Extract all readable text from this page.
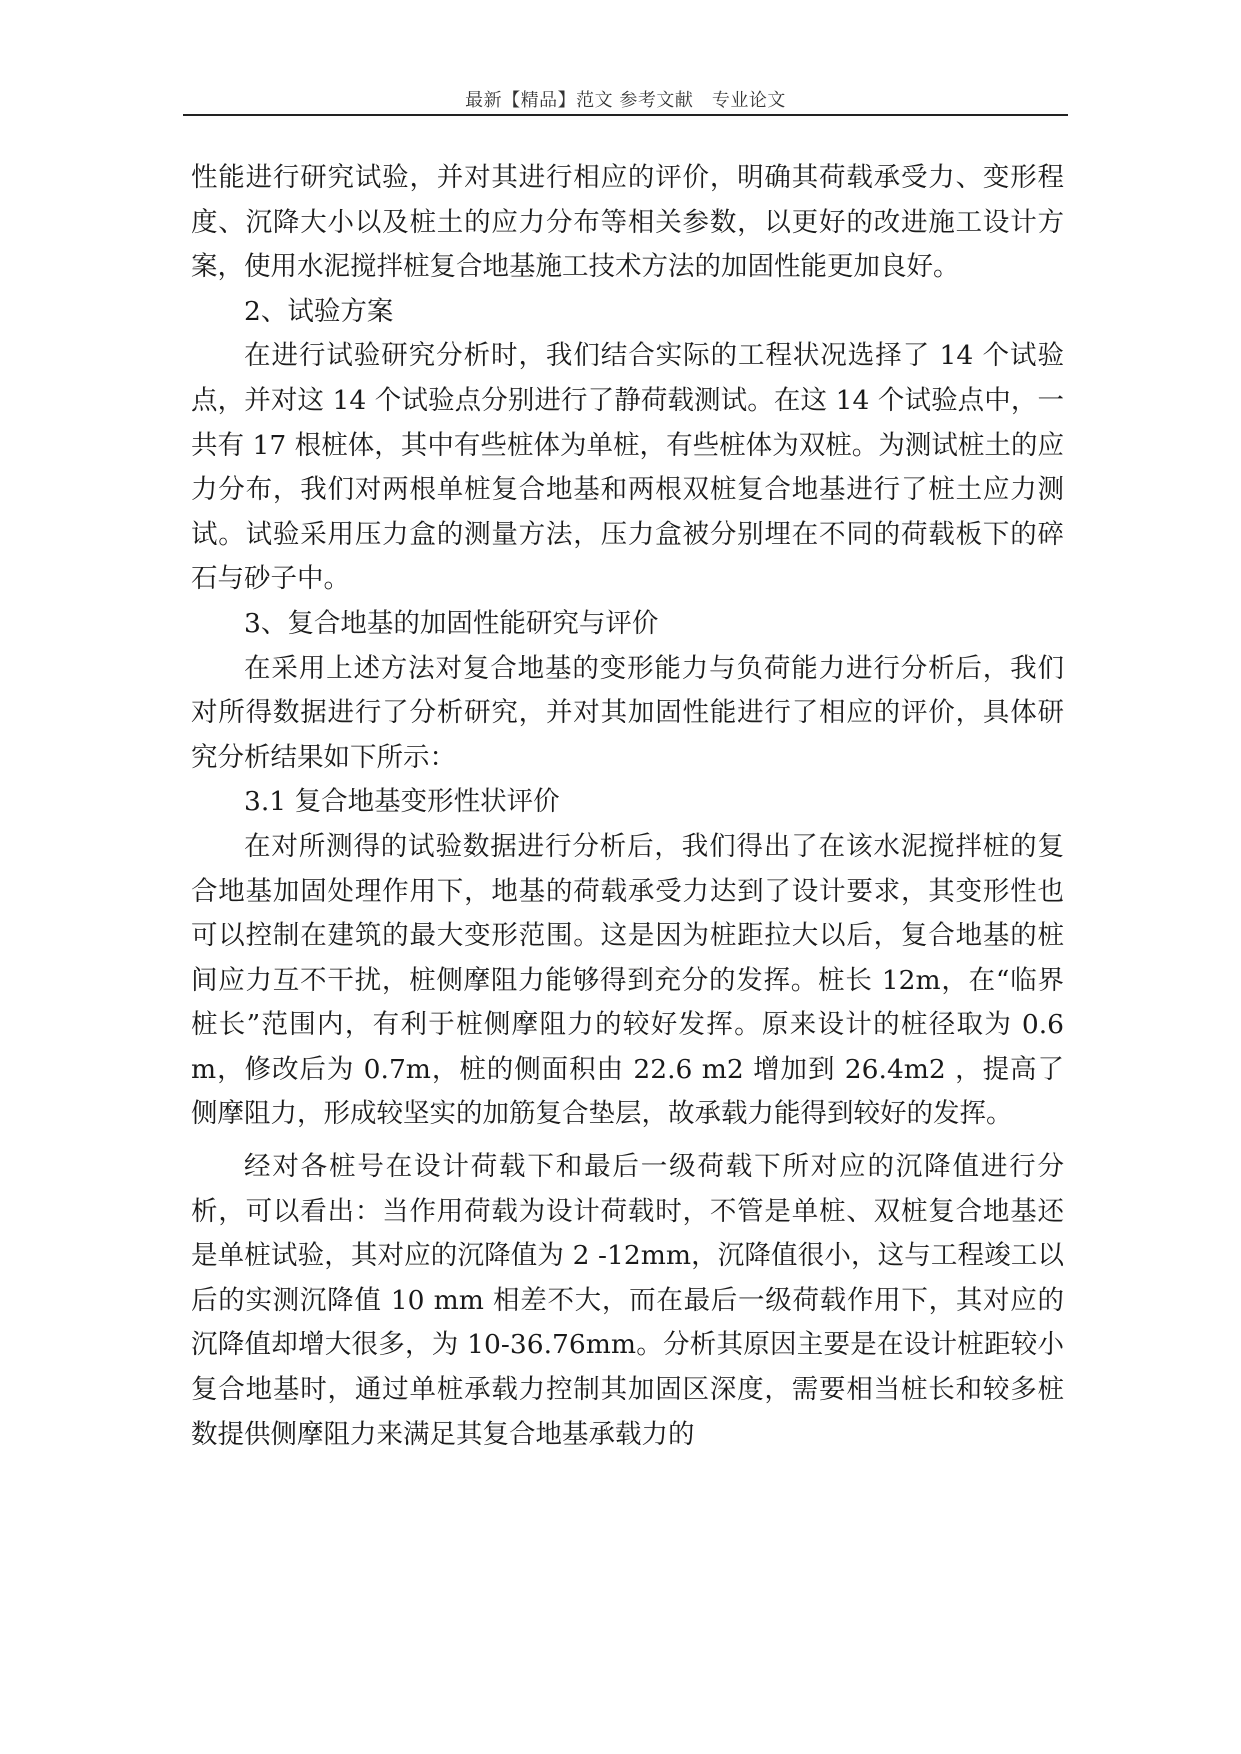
最新【精品】范文 参考文献　专业论文

性能进行研究试验，并对其进行相应的评价，明确其荷载承受力、变形程度、沉降大小以及桩土的应力分布等相关参数，以更好的改进施工设计方案，使用水泥搅拌桩复合地基施工技术方法的加固性能更加良好。

2、试验方案

在进行试验研究分析时，我们结合实际的工程状况选择了 14 个试验点，并对这 14 个试验点分别进行了静荷载测试。在这 14 个试验点中，一共有 17 根桩体，其中有些桩体为单桩，有些桩体为双桩。为测试桩土的应力分布，我们对两根单桩复合地基和两根双桩复合地基进行了桩土应力测试。试验采用压力盒的测量方法，压力盒被分别埋在不同的荷载板下的碎石与砂子中。

3、复合地基的加固性能研究与评价

在采用上述方法对复合地基的变形能力与负荷能力进行分析后，我们对所得数据进行了分析研究，并对其加固性能进行了相应的评价，具体研究分析结果如下所示：

3.1 复合地基变形性状评价

在对所测得的试验数据进行分析后，我们得出了在该水泥搅拌桩的复合地基加固处理作用下，地基的荷载承受力达到了设计要求，其变形性也可以控制在建筑的最大变形范围。这是因为桩距拉大以后，复合地基的桩间应力互不干扰，桩侧摩阻力能够得到充分的发挥。桩长 12m，在“临界桩长”范围内，有利于桩侧摩阻力的较好发挥。原来设计的桩径取为 0.6m，修改后为 0.7m，桩的侧面积由 22.6 m2 增加到 26.4m2 ，提高了侧摩阻力，形成较坚实的加筋复合垫层，故承载力能得到较好的发挥。

经对各桩号在设计荷载下和最后一级荷载下所对应的沉降值进行分析，可以看出：当作用荷载为设计荷载时，不管是单桩、双桩复合地基还是单桩试验，其对应的沉降值为 2 -12mm，沉降值很小，这与工程竣工以后的实测沉降值 10 mm 相差不大，而在最后一级荷载作用下，其对应的沉降值却增大很多，为 10-36.76mm。分析其原因主要是在设计桩距较小复合地基时，通过单桩承载力控制其加固区深度，需要相当桩长和较多桩数提供侧摩阻力来满足其复合地基承载力的
